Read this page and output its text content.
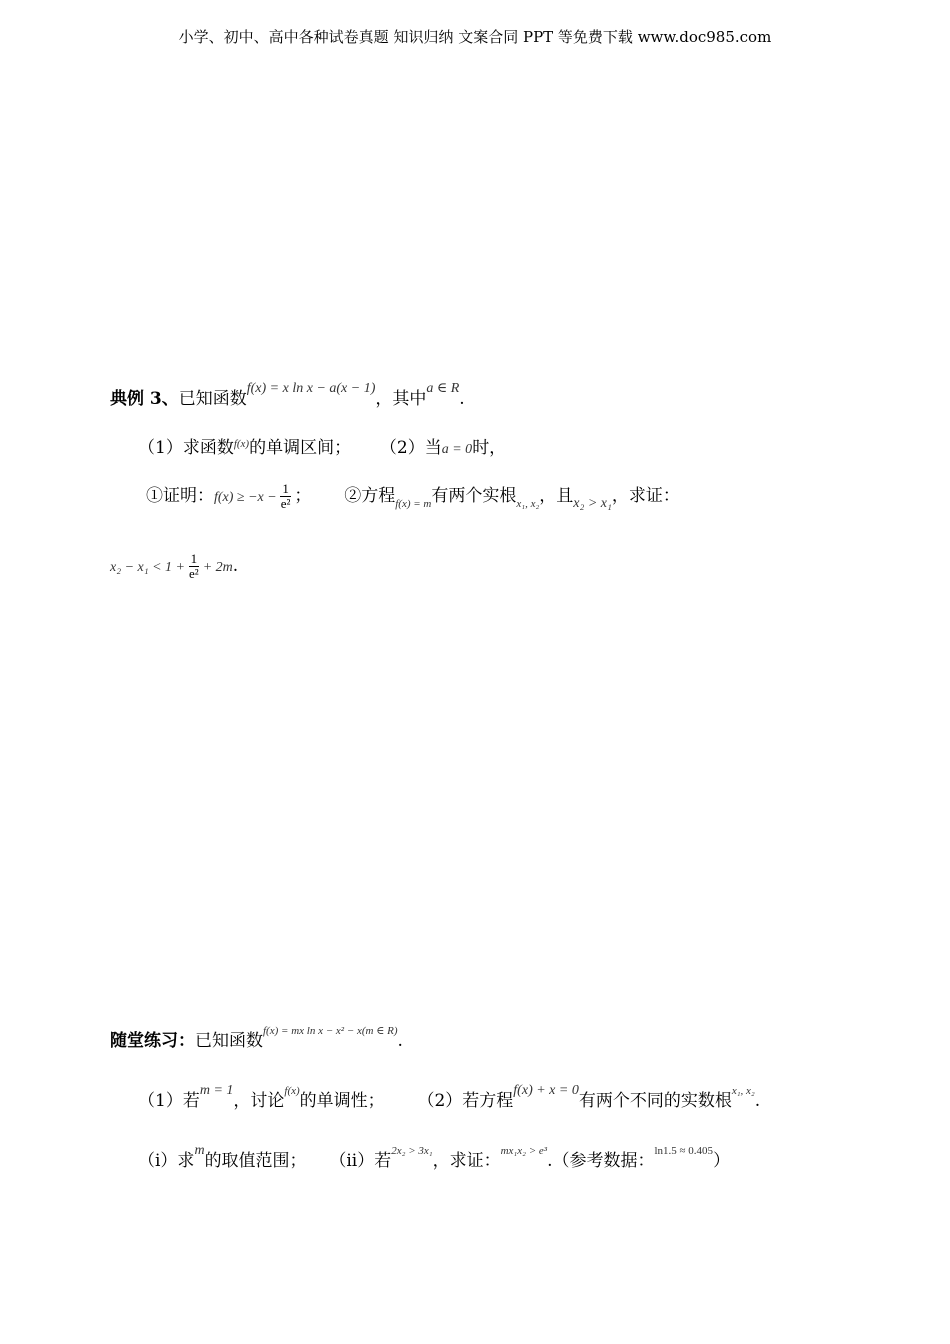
小学、初中、高中各种试卷真题 知识归纳 文案合同 PPT 等免费下载 www.doc985.com
典例 3、已知函数f(x) = x ln x − a(x − 1)，其中a ∈ R.
（1）求函数f(x)的单调区间； （2）当a = 0时，
①证明：$f(x) \ge -x - \frac{1}{\text{e²}}$ ； ②方程f(x) = m有两个实根x₁, x₂，且x₂ > x₁，求证：
$x_2 - x_1 < 1 + \frac{1}{\text{e²}} + 2m$.
随堂练习：已知函数f(x) = mx ln x − x² − x(m ∈ R).
（1）若m = 1，讨论f(x)的单调性； （2）若方程f(x) + x = 0有两个不同的实数根x₁, x₂.
（i）求m的取值范围； （ii）若2x₂ > 3x₁，求证：mx₁x₂ > e³.（参考数据：ln1.5 ≈ 0.405）
